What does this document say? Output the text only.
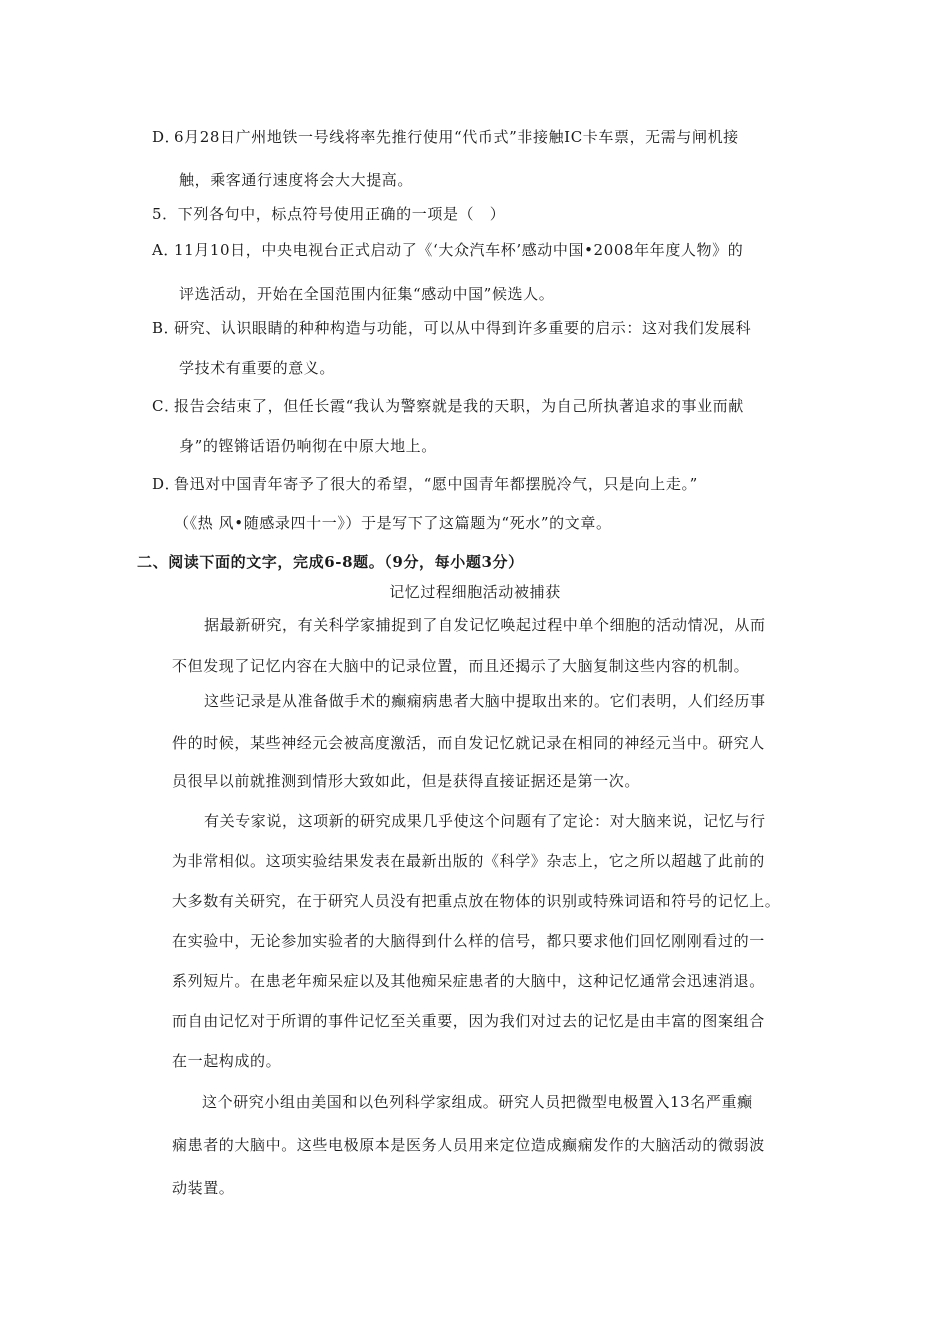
D．6月28日广州地铁一号线将率先推行使用“代币式”非接触IC卡车票，无需与闸机接
触，乘客通行速度将会大大提高。
5．下列各句中，标点符号使用正确的一项是（　）
A．11月10日，中央电视台正式启动了《‘大众汽车杯’感动中国•2008年年度人物》的
评选活动，开始在全国范围内征集“感动中国”候选人。
B．研究、认识眼睛的种种构造与功能，可以从中得到许多重要的启示：这对我们发展科
学技术有重要的意义。
C．报告会结束了，但任长霞“我认为警察就是我的天职，为自己所执著追求的事业而献
身”的铿锵话语仍响彻在中原大地上。
D．鲁迅对中国青年寄予了很大的希望，“愿中国青年都摆脱冷气，只是向上走。”
（《热 风•随感录四十一》）于是写下了这篇题为“死水”的文章。
二、阅读下面的文字，完成6-8题。（9分，每小题3分）
记忆过程细胞活动被捕获
据最新研究，有关科学家捕捉到了自发记忆唤起过程中单个细胞的活动情况，从而
不但发现了记忆内容在大脑中的记录位置，而且还揭示了大脑复制这些内容的机制。
这些记录是从准备做手术的癫痫病患者大脑中提取出来的。它们表明，人们经历事
件的时候，某些神经元会被高度激活，而自发记忆就记录在相同的神经元当中。研究人
员很早以前就推测到情形大致如此，但是获得直接证据还是第一次。
有关专家说，这项新的研究成果几乎使这个问题有了定论：对大脑来说，记忆与行
为非常相似。这项实验结果发表在最新出版的《科学》杂志上，它之所以超越了此前的
大多数有关研究，在于研究人员没有把重点放在物体的识别或特殊词语和符号的记忆上。
在实验中，无论参加实验者的大脑得到什么样的信号，都只要求他们回忆刚刚看过的一
系列短片。在患老年痴呆症以及其他痴呆症患者的大脑中，这种记忆通常会迅速消退。
而自由记忆对于所谓的事件记忆至关重要，因为我们对过去的记忆是由丰富的图案组合
在一起构成的。
这个研究小组由美国和以色列科学家组成。研究人员把微型电极置入13名严重癫
痫患者的大脑中。这些电极原本是医务人员用来定位造成癫痫发作的大脑活动的微弱波
动装置。
